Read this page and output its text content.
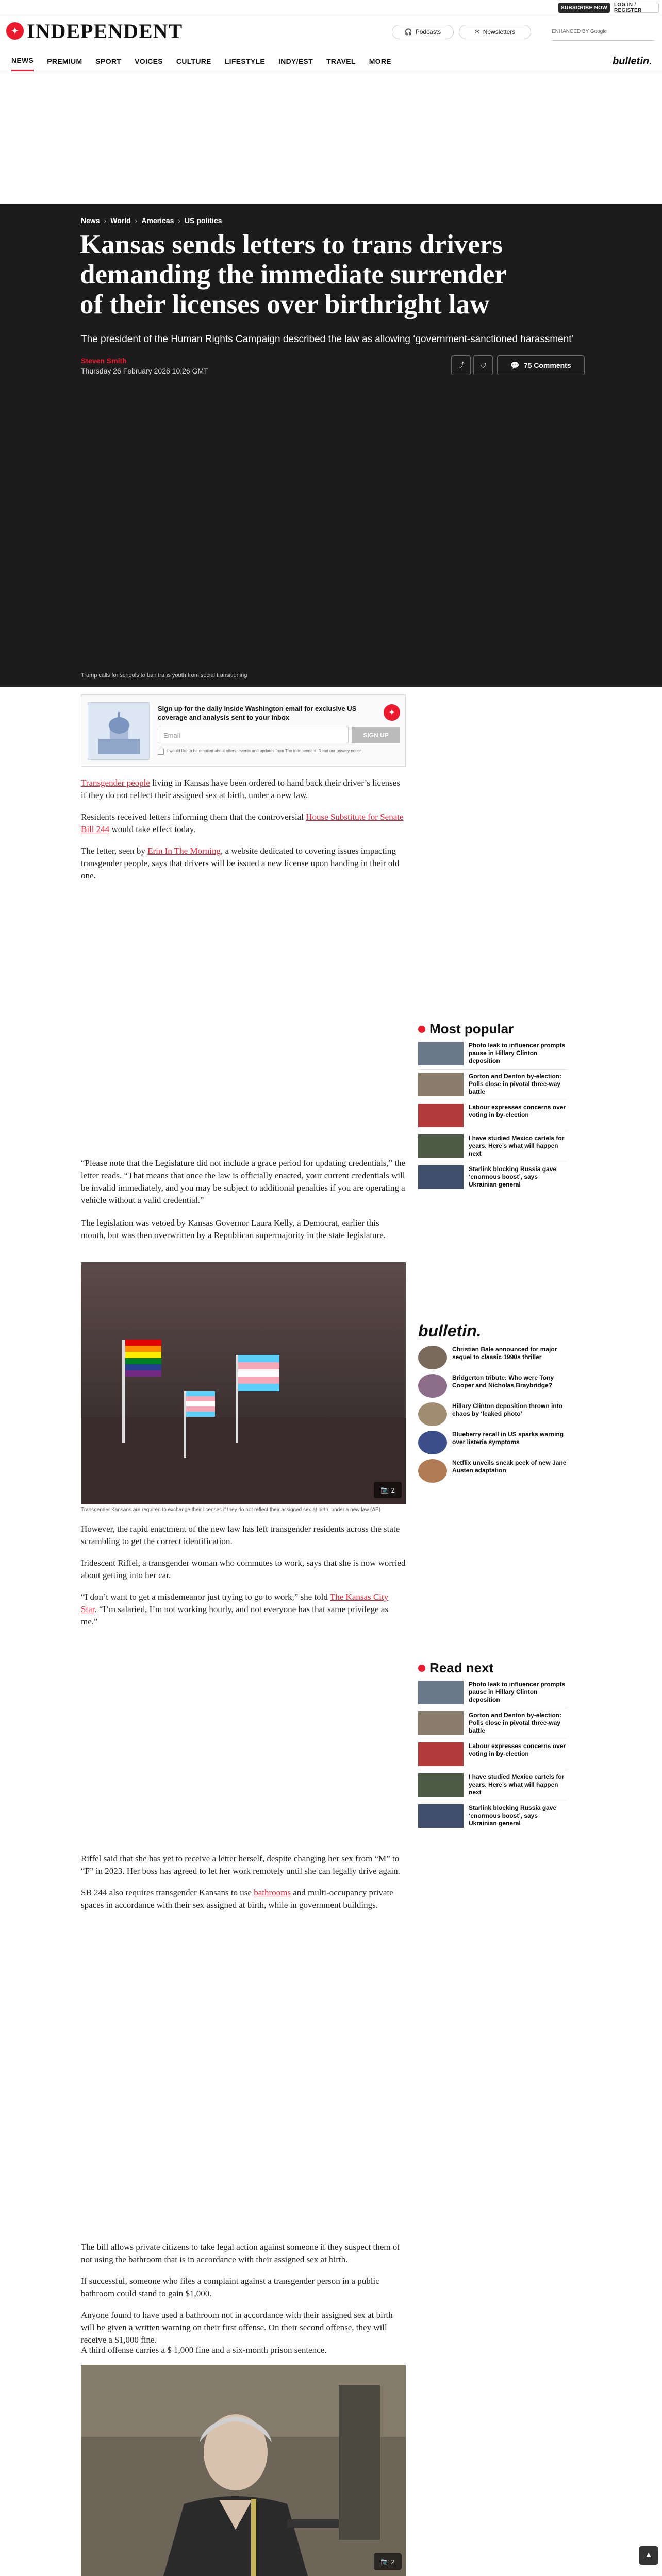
SUBSCRIBE NOW	LOG IN / REGISTER
✦ INDEPENDENT	🎧 Podcasts	✉ Newsletters	ENHANCED BY Google
NEWS PREMIUM SPORT VOICES CULTURE LIFESTYLE INDY/EST TRAVEL MORE	bulletin.
News › World › Americas › US politics
Kansas sends letters to trans drivers demanding the immediate surrender of their licenses over birthright law
The president of the Human Rights Campaign described the law as allowing ‘government-sanctioned harassment’
Steven Smith
Thursday 26 February 2026 10:26 GMT
⤴ ⛉	💬 75 Comments
Trump calls for schools to ban trans youth from social transitioning
Sign up for the daily Inside Washington email for exclusive US coverage and analysis sent to your inbox
Email	SIGN UP
I would like to be emailed about offers, events and updates from The Independent. Read our privacy notice
✦

Transgender people living in Kansas have been ordered to hand back their driver’s licenses if they do not reflect their assigned sex at birth, under a new law.

Residents received letters informing them that the controversial House Substitute for Senate Bill 244 would take effect today.

The letter, seen by Erin In The Morning, a website dedicated to covering issues impacting transgender people, says that drivers will be issued a new license upon handing in their old one.

“Please note that the Legislature did not include a grace period for updating credentials,” the letter reads. “That means that once the law is officially enacted, your current credentials will be invalid immediately, and you may be subject to additional penalties if you are operating a vehicle without a valid credential.”

The legislation was vetoed by Kansas Governor Laura Kelly, a Democrat, earlier this month, but was then overwritten by a Republican supermajority in the state legislature.

📷 2
Transgender Kansans are required to exchange their licenses if they do not reflect their assigned sex at birth, under a new law (AP)

However, the rapid enactment of the new law has left transgender residents across the state scrambling to get the correct identification.

Iridescent Riffel, a transgender woman who commutes to work, says that she is now worried about getting into her car.

“I don’t want to get a misdemeanor just trying to go to work,” she told The Kansas City Star. “I’m salaried, I’m not working hourly, and not everyone has that same privilege as me.”

Riffel said that she has yet to receive a letter herself, despite changing her sex from “M” to “F” in 2023. Her boss has agreed to let her work remotely until she can legally drive again.

SB 244 also requires transgender Kansans to use bathrooms and multi-occupancy private spaces in accordance with their sex assigned at birth, while in government buildings.

The bill allows private citizens to take legal action against someone if they suspect them of not using the bathroom that is in accordance with their assigned sex at birth.

If successful, someone who files a complaint against a transgender person in a public bathroom could stand to gain $1,000.

Anyone found to have used a bathroom not in accordance with their assigned sex at birth will be given a written warning on their first offense. On their second offense, they will receive a $1,000 fine.

A third offense carries a $ 1,000 fine and a six-month prison sentence.

📷 2

Most popular
Photo leak to influencer prompts pause in Hillary Clinton deposition
Gorton and Denton by-election: Polls close in pivotal three-way battle
Labour expresses concerns over voting in by-election
I have studied Mexico cartels for years. Here’s what will happen next
Starlink blocking Russia gave ‘enormous boost’, says Ukrainian general
bulletin.
Christian Bale announced for major sequel to classic 1990s thriller
Bridgerton tribute: Who were Tony Cooper and Nicholas Braybridge?
Hillary Clinton deposition thrown into chaos by ‘leaked photo’
Blueberry recall in US sparks warning over listeria symptoms
Netflix unveils sneak peek of new Jane Austen adaptation
Read next
Photo leak to influencer prompts pause in Hillary Clinton deposition
Gorton and Denton by-election: Polls close in pivotal three-way battle
Labour expresses concerns over voting in by-election
I have studied Mexico cartels for years. Here’s what will happen next
Starlink blocking Russia gave ‘enormous boost’, says Ukrainian general
▲
